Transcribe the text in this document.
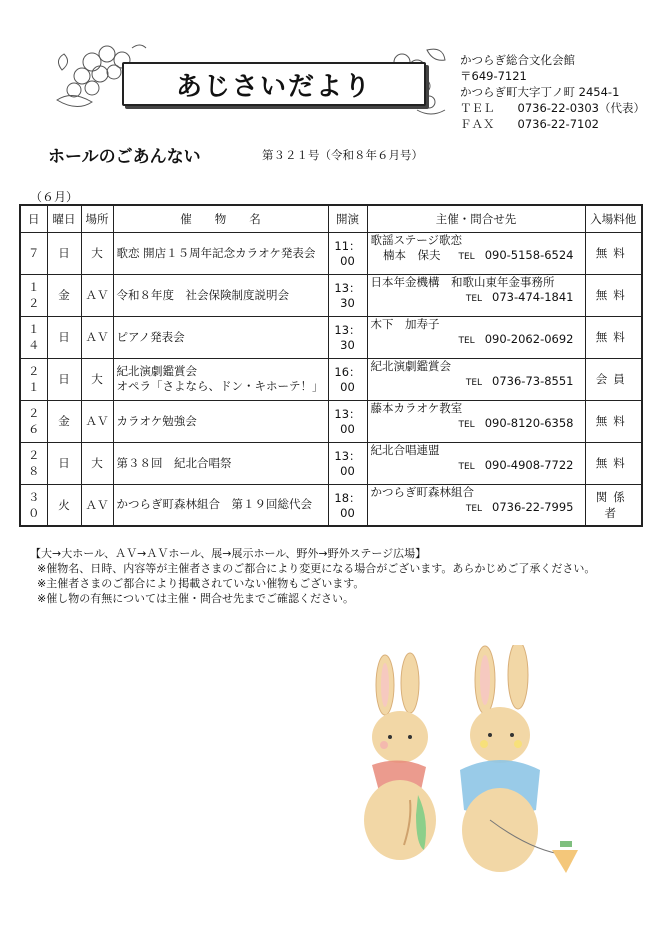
あじさいだより
かつらぎ総合文化会館
〒649-7121
かつらぎ町大字丁ノ町 2454-1
ＴＥＬ　　0736-22-0303（代表）
ＦＡＸ　　0736-22-7102
ホールのごあんない	第３２１号（令和８年６月号）
（６月）
日	曜日	場所	催　　物　　名	開演	主催・問合せ先	入場料他
７	日	大	歌恋 開店１５周年記念カラオケ発表会	11：00	歌謡ステージ歌恋
楠本　保夫 TEL 090-5158-6524	無料
１２	金	ＡＶ	令和８年度　社会保険制度説明会	13：30	日本年金機構　和歌山東年金事務所
TEL 073-474-1841	無料
１４	日	ＡＶ	ピアノ発表会	13：30	木下　加寿子
TEL 090-2062-0692	無料
２１	日	大	紀北演劇鑑賞会
オペラ「さよなら、ドン・キホーテ！」	16：00	紀北演劇鑑賞会
TEL 0736-73-8551	会員
２６	金	ＡＶ	カラオケ勉強会	13：00	藤本カラオケ教室
TEL 090-8120-6358	無料
２８	日	大	第３８回　紀北合唱祭	13：00	紀北合唱連盟
TEL 090-4908-7722	無料
３０	火	ＡＶ	かつらぎ町森林組合　第１９回総代会	18：00	かつらぎ町森林組合
TEL 0736-22-7995	関係者
【大→大ホール、ＡＶ→ＡＶホール、展→展示ホール、野外→野外ステージ広場】
※催物名、日時、内容等が主催者さまのご都合により変更になる場合がございます。あらかじめご了承ください。
※主催者さまのご都合により掲載されていない催物もございます。
※催し物の有無については主催・問合せ先までご確認ください。
